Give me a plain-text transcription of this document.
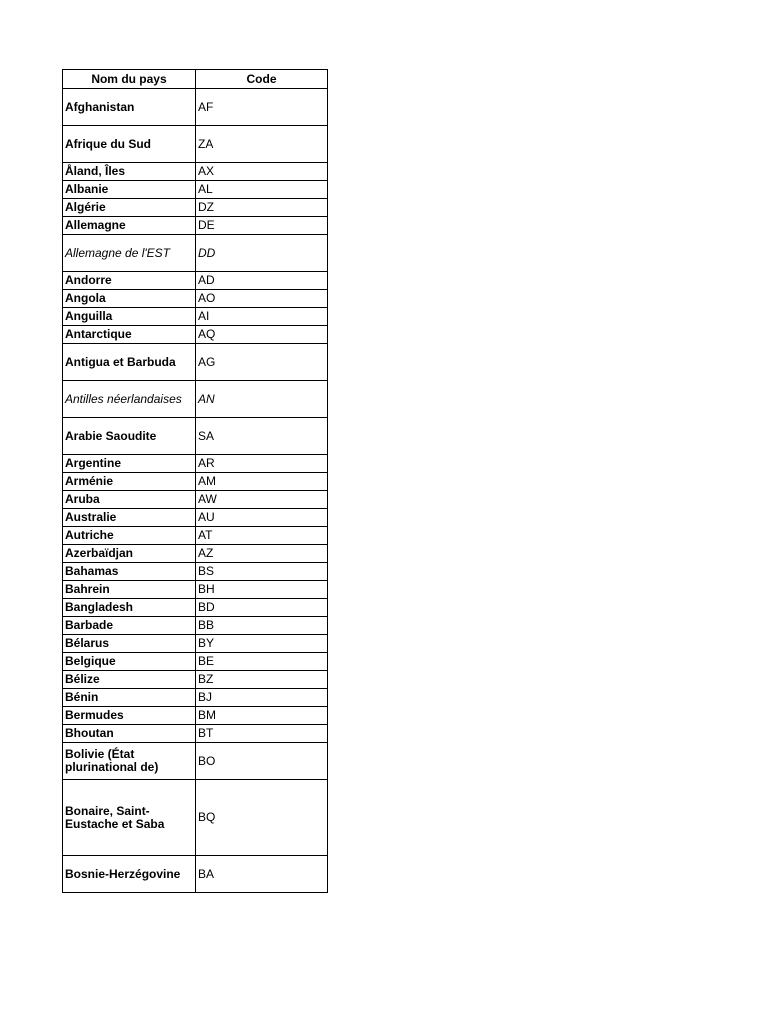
Nom du pays	Code
Afghanistan	AF
Afrique du Sud	ZA
Åland, Îles	AX
Albanie	AL
Algérie	DZ
Allemagne	DE
Allemagne de l'EST	DD
Andorre	AD
Angola	AO
Anguilla	AI
Antarctique	AQ
Antigua et Barbuda	AG
Antilles néerlandaises	AN
Arabie Saoudite	SA
Argentine	AR
Arménie	AM
Aruba	AW
Australie	AU
Autriche	AT
Azerbaïdjan	AZ
Bahamas	BS
Bahrein	BH
Bangladesh	BD
Barbade	BB
Bélarus	BY
Belgique	BE
Bélize	BZ
Bénin	BJ
Bermudes	BM
Bhoutan	BT
Bolivie (État plurinational de)	BO
Bonaire, Saint-Eustache et Saba	BQ
Bosnie-Herzégovine	BA
